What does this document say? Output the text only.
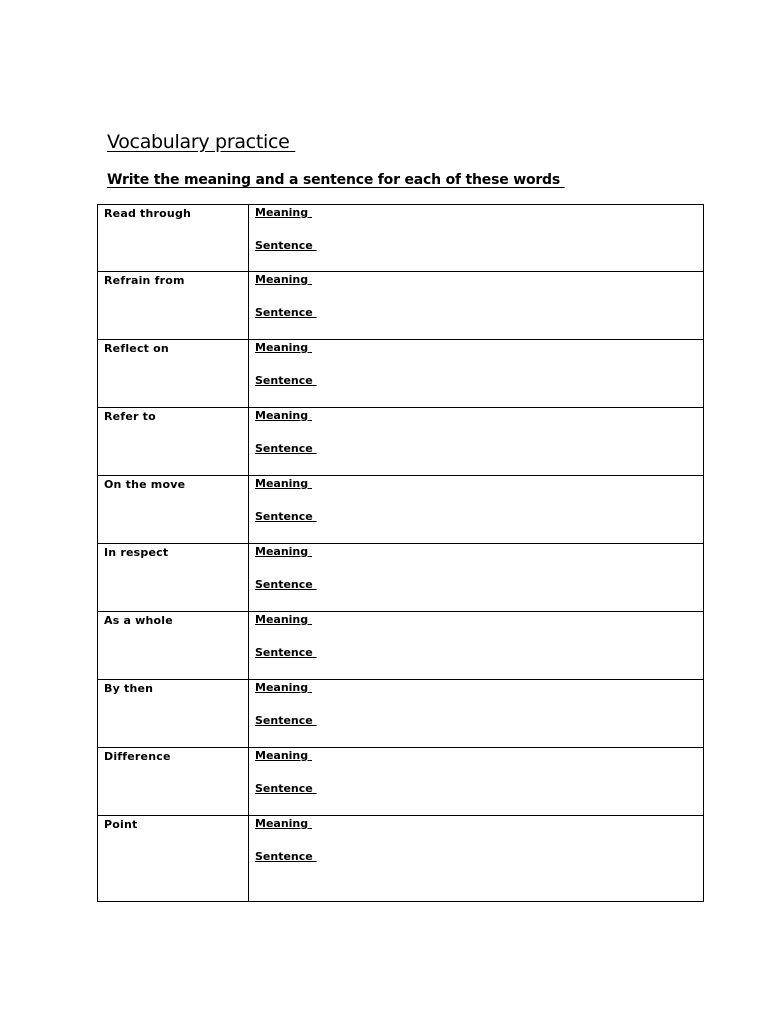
Vocabulary practice
Write the meaning and a sentence for each of these words
Read through	Meaning
Sentence

Refrain from	Meaning
Sentence

Reflect on	Meaning
Sentence

Refer to	Meaning
Sentence

On the move	Meaning
Sentence

In respect	Meaning
Sentence

As a whole	Meaning
Sentence

By then	Meaning
Sentence

Difference	Meaning
Sentence

Point	Meaning
Sentence
